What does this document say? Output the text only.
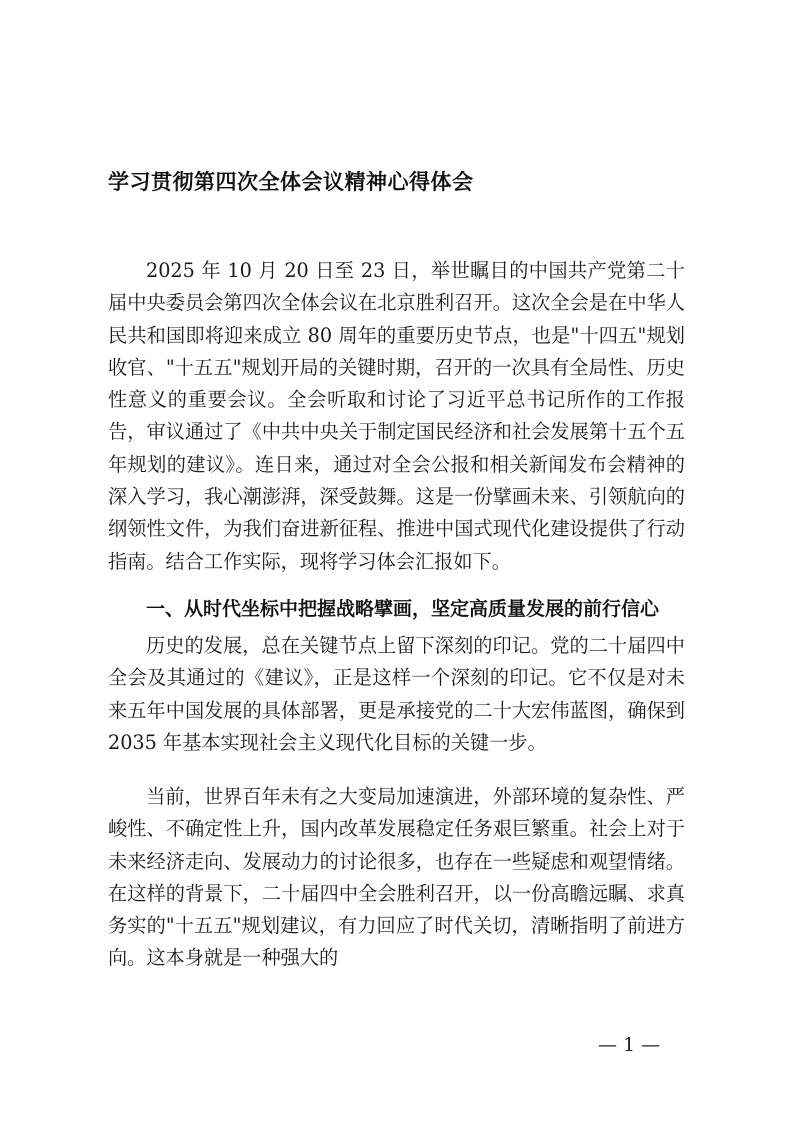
学习贯彻第四次全体会议精神心得体会

2025 年 10 月 20 日至 23 日，举世瞩目的中国共产党第二十届中央委员会第四次全体会议在北京胜利召开。这次全会是在中华人民共和国即将迎来成立 80 周年的重要历史节点，也是"十四五"规划收官、"十五五"规划开局的关键时期，召开的一次具有全局性、历史性意义的重要会议。全会听取和讨论了习近平总书记所作的工作报告，审议通过了《中共中央关于制定国民经济和社会发展第十五个五年规划的建议》。连日来，通过对全会公报和相关新闻发布会精神的深入学习，我心潮澎湃，深受鼓舞。这是一份擘画未来、引领航向的纲领性文件，为我们奋进新征程、推进中国式现代化建设提供了行动指南。结合工作实际，现将学习体会汇报如下。

一、从时代坐标中把握战略擘画，坚定高质量发展的前行信心

历史的发展，总在关键节点上留下深刻的印记。党的二十届四中全会及其通过的《建议》，正是这样一个深刻的印记。它不仅是对未来五年中国发展的具体部署，更是承接党的二十大宏伟蓝图，确保到 2035 年基本实现社会主义现代化目标的关键一步。

当前，世界百年未有之大变局加速演进，外部环境的复杂性、严峻性、不确定性上升，国内改革发展稳定任务艰巨繁重。社会上对于未来经济走向、发展动力的讨论很多，也存在一些疑虑和观望情绪。在这样的背景下，二十届四中全会胜利召开，以一份高瞻远瞩、求真务实的"十五五"规划建议，有力回应了时代关切，清晰指明了前进方向。这本身就是一种强大的

— 1 —
